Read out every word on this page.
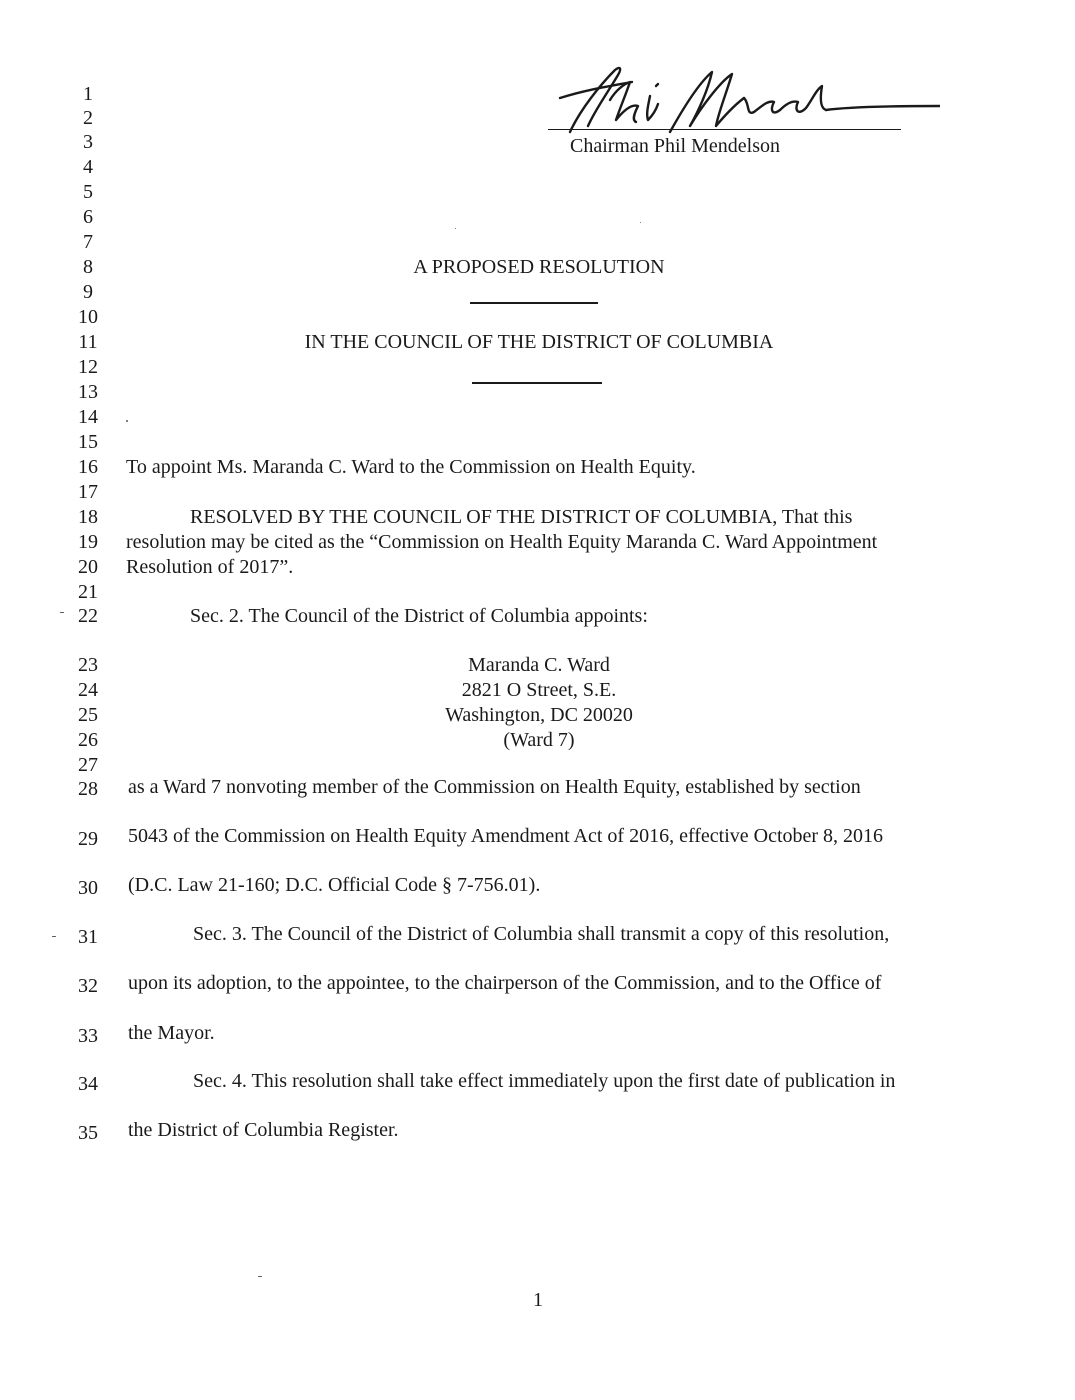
Chairman Phil Mendelson
1
2
3
4
5
6
7
8
9
10
11
12
13
14
15
16
17
18
19
20
21
22
23
24
25
26
27
28
29
30
31
32
33
34
35
A PROPOSED RESOLUTION
IN THE COUNCIL OF THE DISTRICT OF COLUMBIA
To appoint Ms. Maranda C. Ward to the Commission on Health Equity.
RESOLVED BY THE COUNCIL OF THE DISTRICT OF COLUMBIA, That this
resolution may be cited as the “Commission on Health Equity Maranda C. Ward Appointment
Resolution of 2017”.
Sec. 2. The Council of the District of Columbia appoints:
Maranda C. Ward
2821 O Street, S.E.
Washington, DC 20020
(Ward 7)
as a Ward 7 nonvoting member of the Commission on Health Equity, established by section
5043 of the Commission on Health Equity Amendment Act of 2016, effective October 8, 2016
(D.C. Law 21-160; D.C. Official Code § 7-756.01).
Sec. 3. The Council of the District of Columbia shall transmit a copy of this resolution,
upon its adoption, to the appointee, to the chairperson of the Commission, and to the Office of
the Mayor.
Sec. 4. This resolution shall take effect immediately upon the first date of publication in
the District of Columbia Register.
1
